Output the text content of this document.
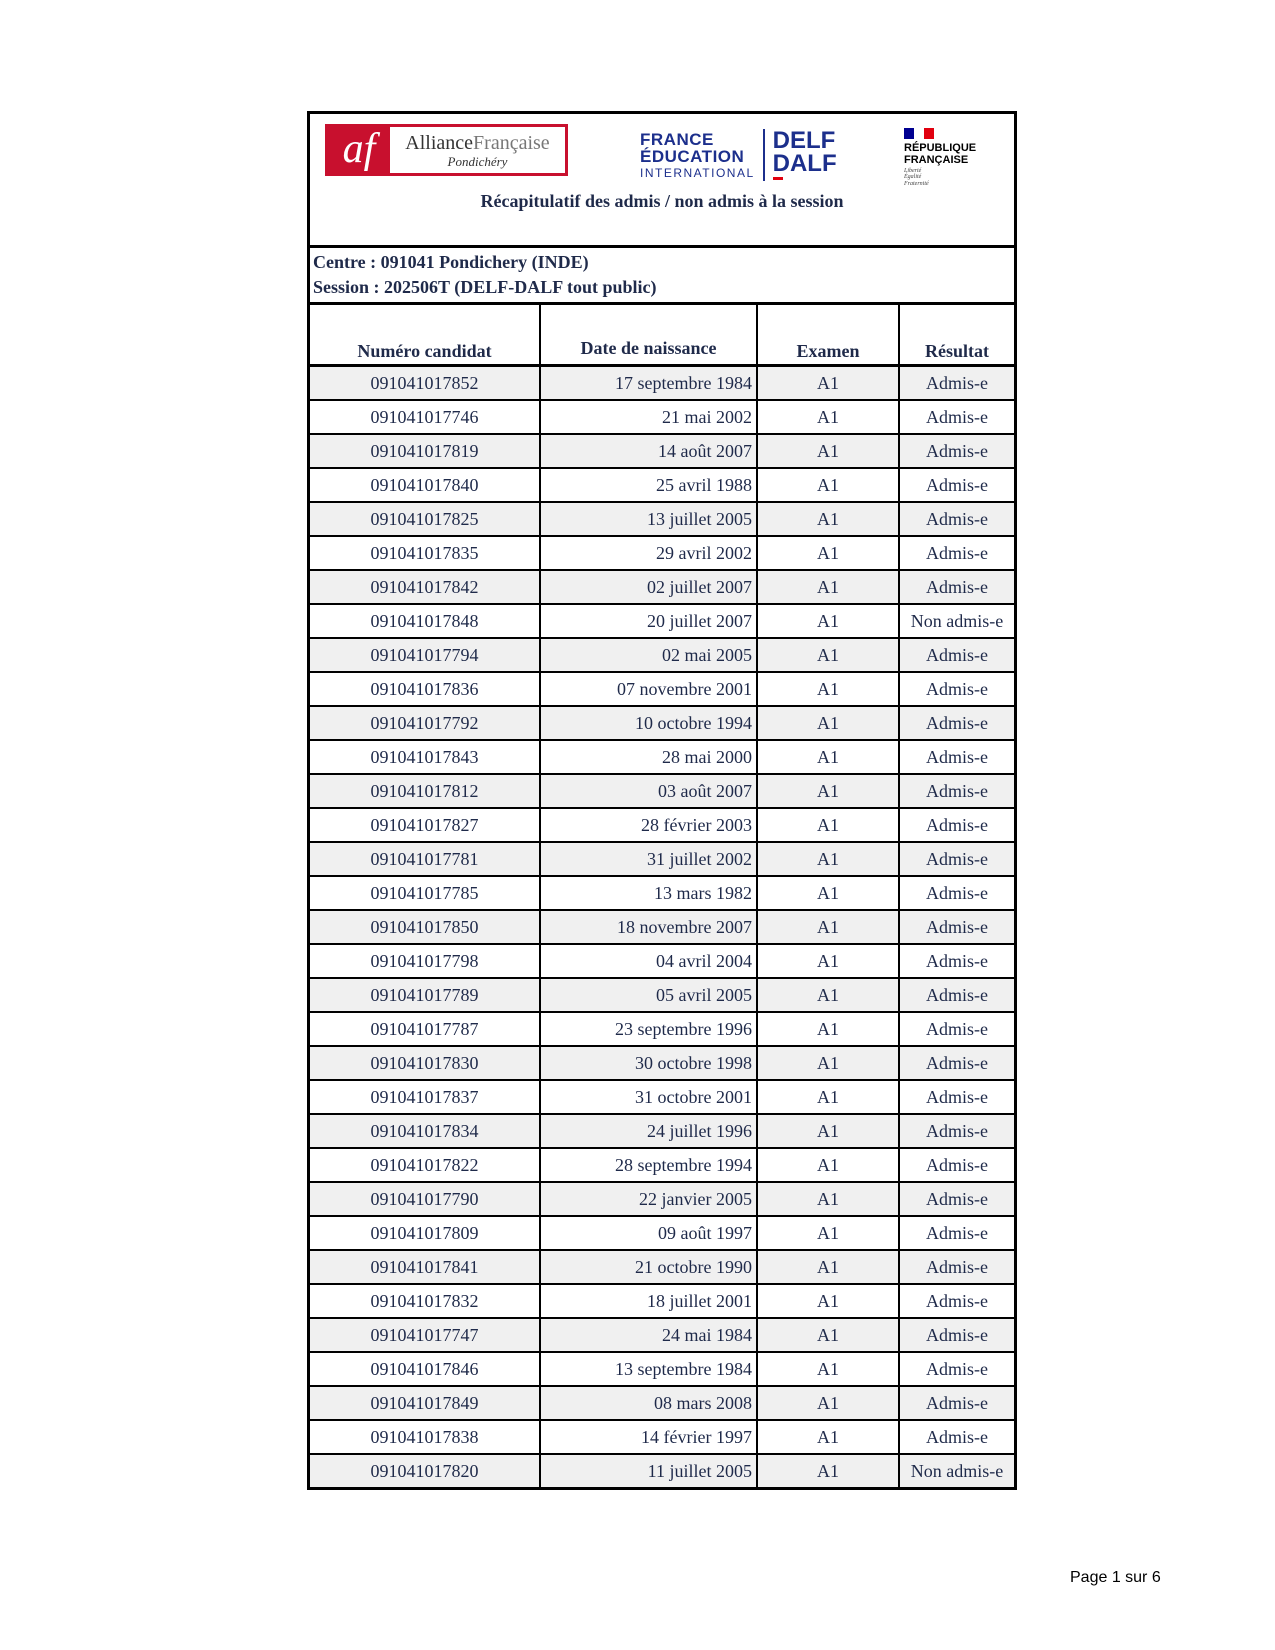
af	AllianceFrançaise
Pondichéry
FRANCE
ÉDUCATION
INTERNATIONAL
DELF
DALF
RÉPUBLIQUE
FRANÇAISE
Liberté
Égalité
Fraternité
Récapitulatif des admis / non admis à la session
Centre : 091041 Pondichery (INDE)
Session : 202506T (DELF-DALF tout public)
Numéro candidat	Date de naissance	Examen	Résultat
091041017852	17 septembre 1984	A1	Admis-e
091041017746	21 mai 2002	A1	Admis-e
091041017819	14 août 2007	A1	Admis-e
091041017840	25 avril 1988	A1	Admis-e
091041017825	13 juillet 2005	A1	Admis-e
091041017835	29 avril 2002	A1	Admis-e
091041017842	02 juillet 2007	A1	Admis-e
091041017848	20 juillet 2007	A1	Non admis-e
091041017794	02 mai 2005	A1	Admis-e
091041017836	07 novembre 2001	A1	Admis-e
091041017792	10 octobre 1994	A1	Admis-e
091041017843	28 mai 2000	A1	Admis-e
091041017812	03 août 2007	A1	Admis-e
091041017827	28 février 2003	A1	Admis-e
091041017781	31 juillet 2002	A1	Admis-e
091041017785	13 mars 1982	A1	Admis-e
091041017850	18 novembre 2007	A1	Admis-e
091041017798	04 avril 2004	A1	Admis-e
091041017789	05 avril 2005	A1	Admis-e
091041017787	23 septembre 1996	A1	Admis-e
091041017830	30 octobre 1998	A1	Admis-e
091041017837	31 octobre 2001	A1	Admis-e
091041017834	24 juillet 1996	A1	Admis-e
091041017822	28 septembre 1994	A1	Admis-e
091041017790	22 janvier 2005	A1	Admis-e
091041017809	09 août 1997	A1	Admis-e
091041017841	21 octobre 1990	A1	Admis-e
091041017832	18 juillet 2001	A1	Admis-e
091041017747	24 mai 1984	A1	Admis-e
091041017846	13 septembre 1984	A1	Admis-e
091041017849	08 mars 2008	A1	Admis-e
091041017838	14 février 1997	A1	Admis-e
091041017820	11 juillet 2005	A1	Non admis-e
Page 1 sur 6
